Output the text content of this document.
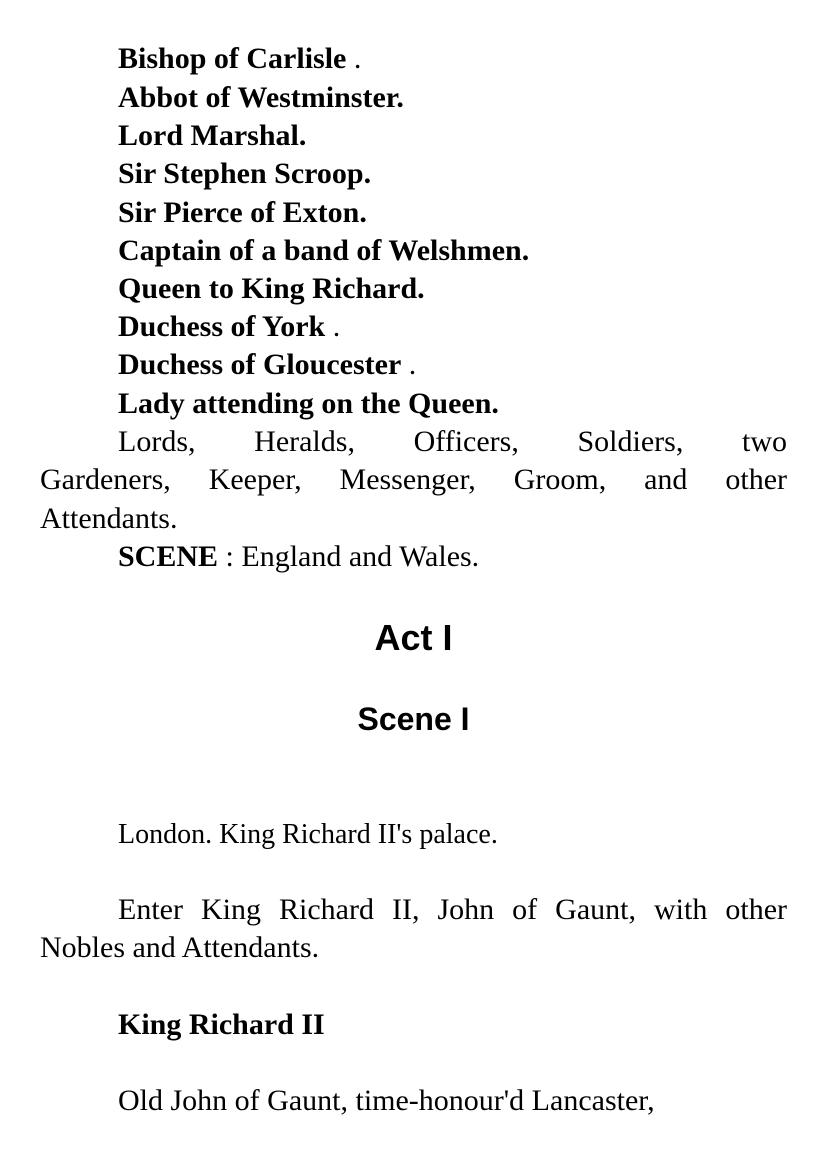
Bishop of Carlisle .
Abbot of Westminster.
Lord Marshal.
Sir Stephen Scroop.
Sir Pierce of Exton.
Captain of a band of Welshmen.
Queen to King Richard.
Duchess of York .
Duchess of Gloucester .
Lady attending on the Queen.
Lords, Heralds, Officers, Soldiers, two
Gardeners, Keeper, Messenger, Groom, and other
Attendants.
SCENE : England and Wales.
Act I
Scene I
London. King Richard II's palace.
Enter King Richard II, John of Gaunt, with other
Nobles and Attendants.
King Richard II
Old John of Gaunt, time-honour'd Lancaster,
